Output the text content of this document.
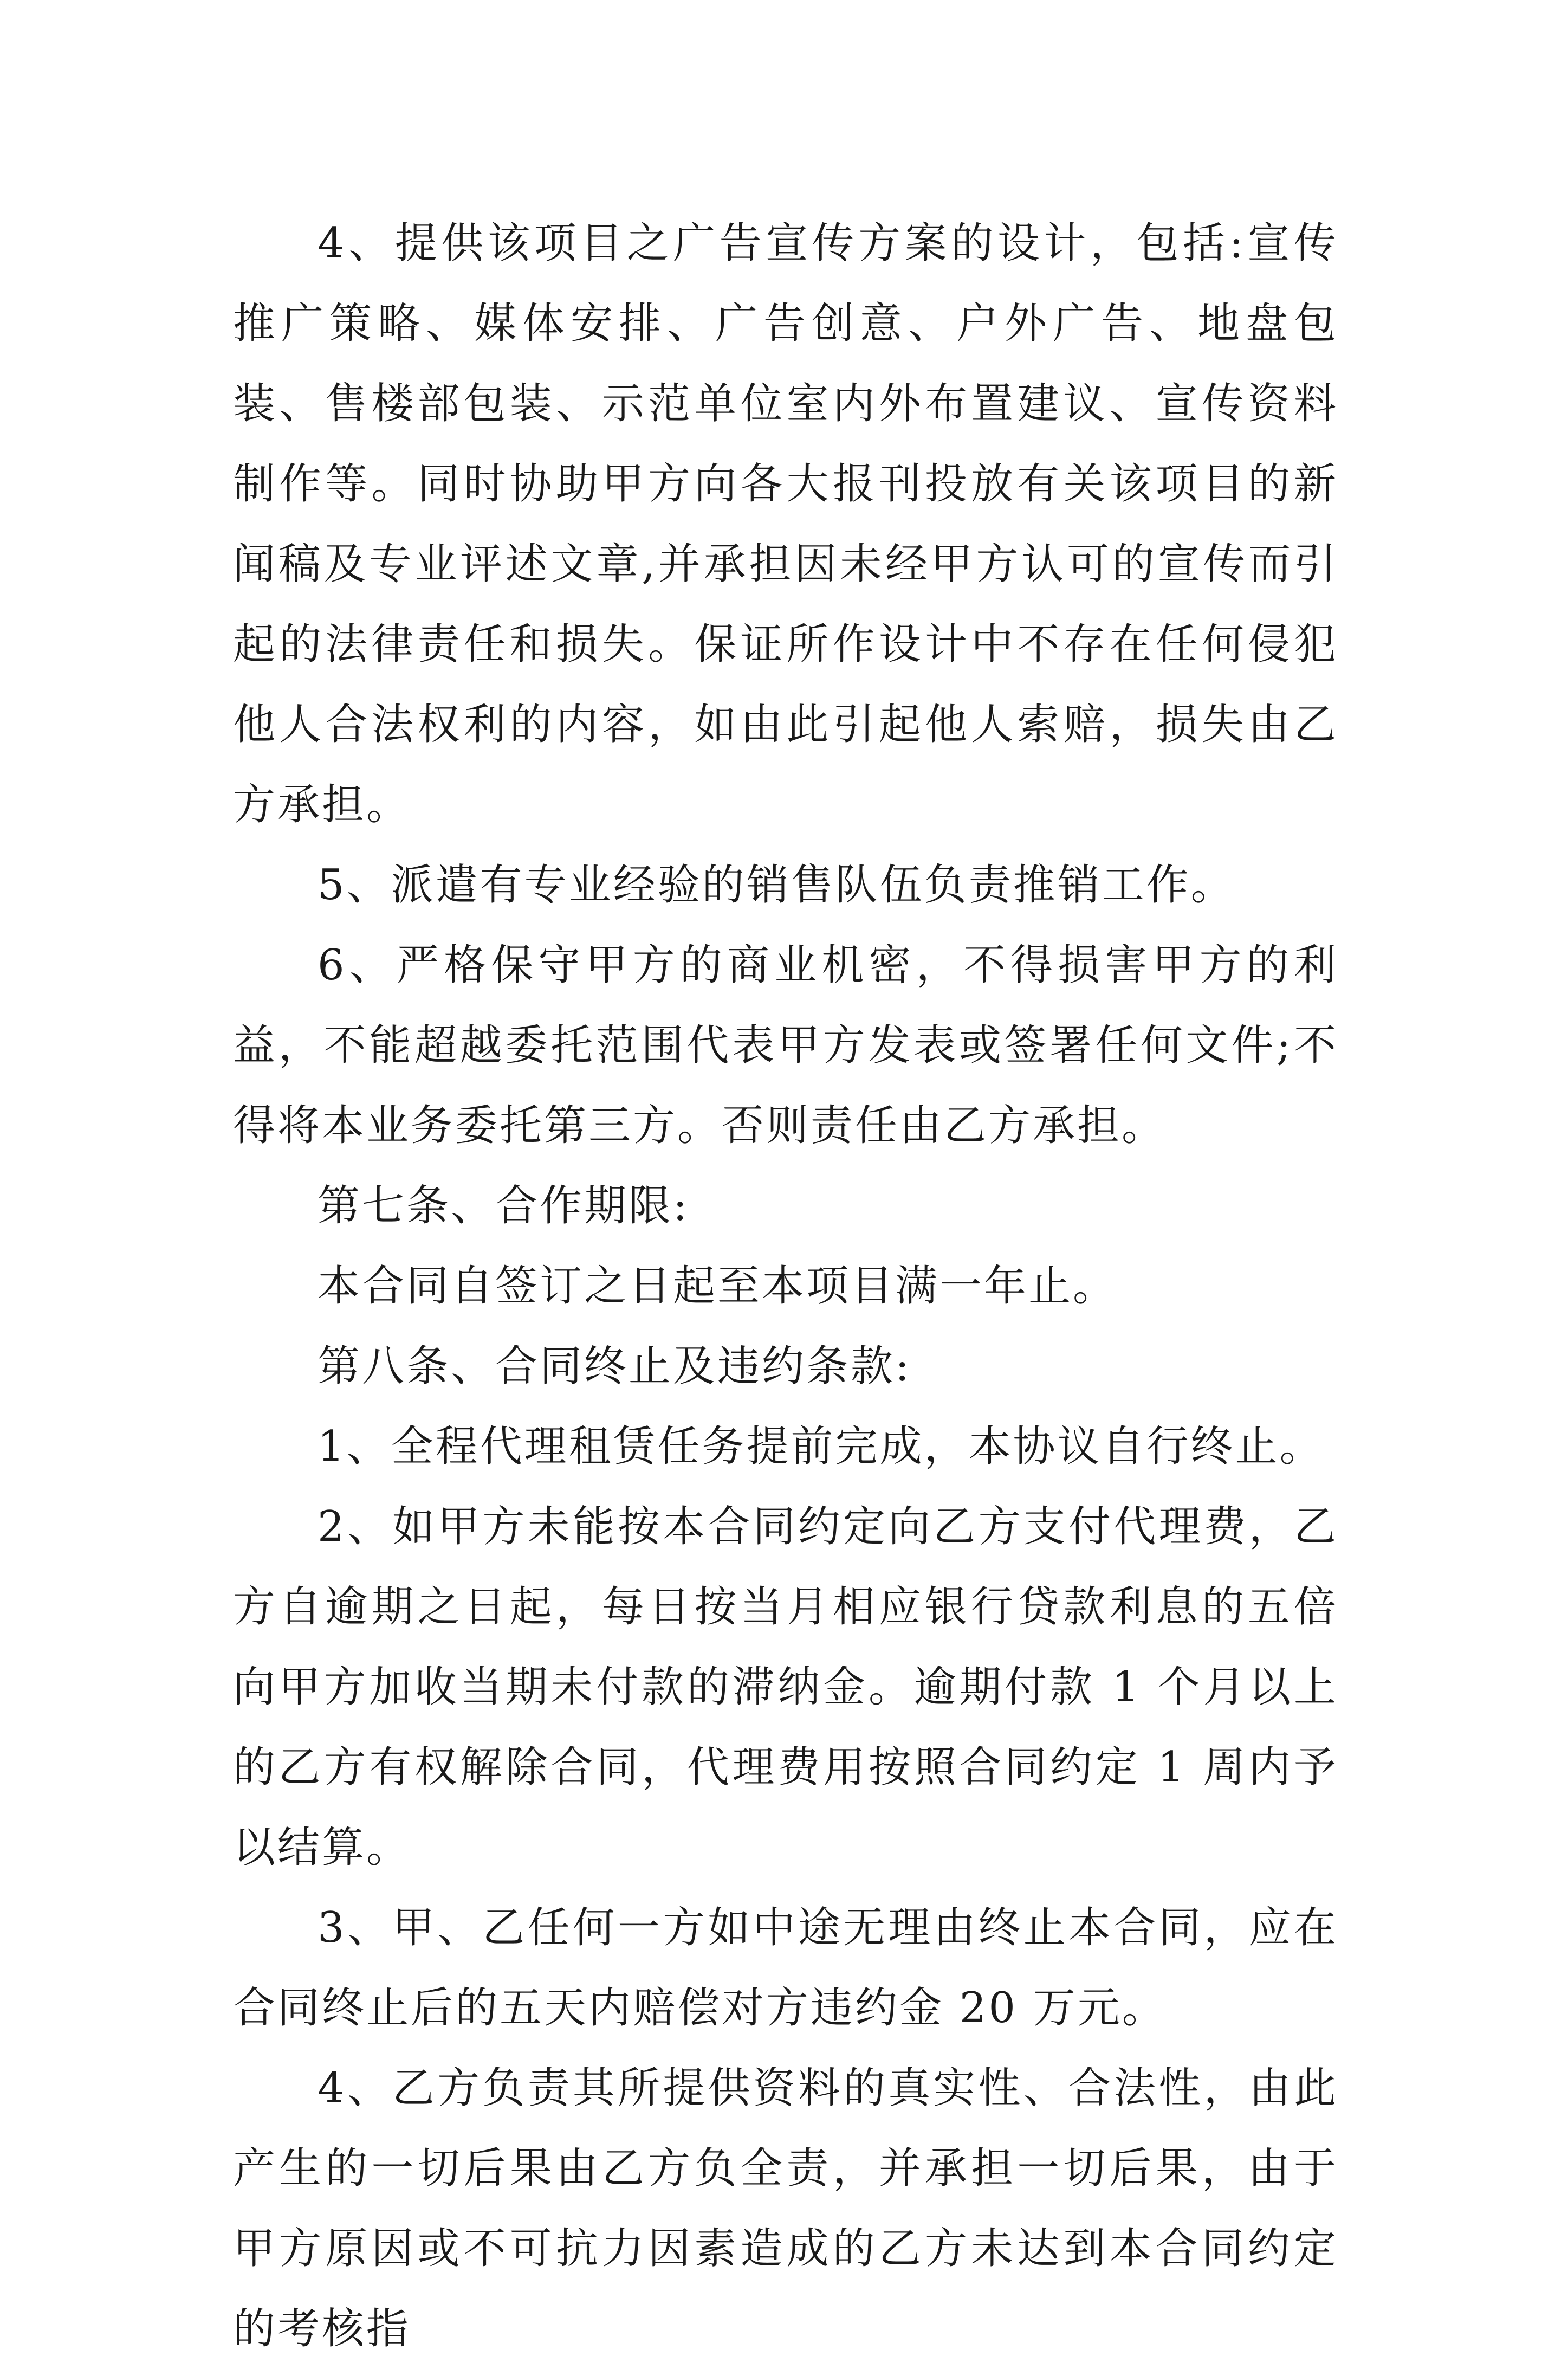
4、提供该项目之广告宣传方案的设计，包括:宣传推广策略、媒体安排、广告创意、户外广告、地盘包装、售楼部包装、示范单位室内外布置建议、宣传资料制作等。同时协助甲方向各大报刊投放有关该项目的新闻稿及专业评述文章,并承担因未经甲方认可的宣传而引起的法律责任和损失。保证所作设计中不存在任何侵犯他人合法权利的内容，如由此引起他人索赔，损失由乙方承担。

5、派遣有专业经验的销售队伍负责推销工作。

6、严格保守甲方的商业机密，不得损害甲方的利益，不能超越委托范围代表甲方发表或签署任何文件;不得将本业务委托第三方。否则责任由乙方承担。

第七条、合作期限:

本合同自签订之日起至本项目满一年止。

第八条、合同终止及违约条款:

1、全程代理租赁任务提前完成，本协议自行终止。

2、如甲方未能按本合同约定向乙方支付代理费，乙方自逾期之日起，每日按当月相应银行贷款利息的五倍向甲方加收当期未付款的滞纳金。逾期付款 1 个月以上的乙方有权解除合同，代理费用按照合同约定 1 周内予以结算。

3、甲、乙任何一方如中途无理由终止本合同，应在合同终止后的五天内赔偿对方违约金 20 万元。

4、乙方负责其所提供资料的真实性、合法性，由此产生的一切后果由乙方负全责，并承担一切后果，由于甲方原因或不可抗力因素造成的乙方未达到本合同约定的考核指
